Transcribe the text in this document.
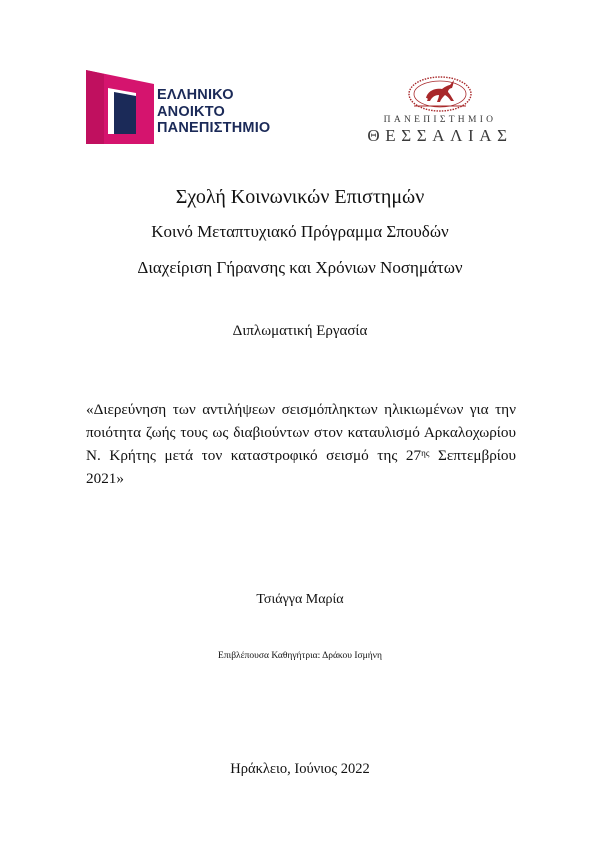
ΕΛΛΗΝΙΚΟ
ΑΝΟΙΚΤΟ
ΠΑΝΕΠΙΣΤΗΜΙΟ	ΠΑΝΕΠΙΣΤΗΜΙΟ
ΘΕΣΣΑΛΙΑΣ
Σχολή Κοινωνικών Επιστημών
Κοινό Μεταπτυχιακό Πρόγραμμα Σπουδών
Διαχείριση Γήρανσης και Χρόνιων Νοσημάτων
Διπλωματική Εργασία
«Διερεύνηση των αντιλήψεων σεισμόπληκτων ηλικιωμένων για την ποιότητα ζωής τους ως διαβιούντων στον καταυλισμό Αρκαλοχωρίου Ν. Κρήτης μετά τον καταστροφικό σεισμό της $27^{\eta\varsigma}$ Σεπτεμβρίου 2021»
Τσιάγγα Μαρία
Επιβλέπουσα Καθηγήτρια: Δράκου Ισμήνη
Ηράκλειο, Ιούνιος 2022
